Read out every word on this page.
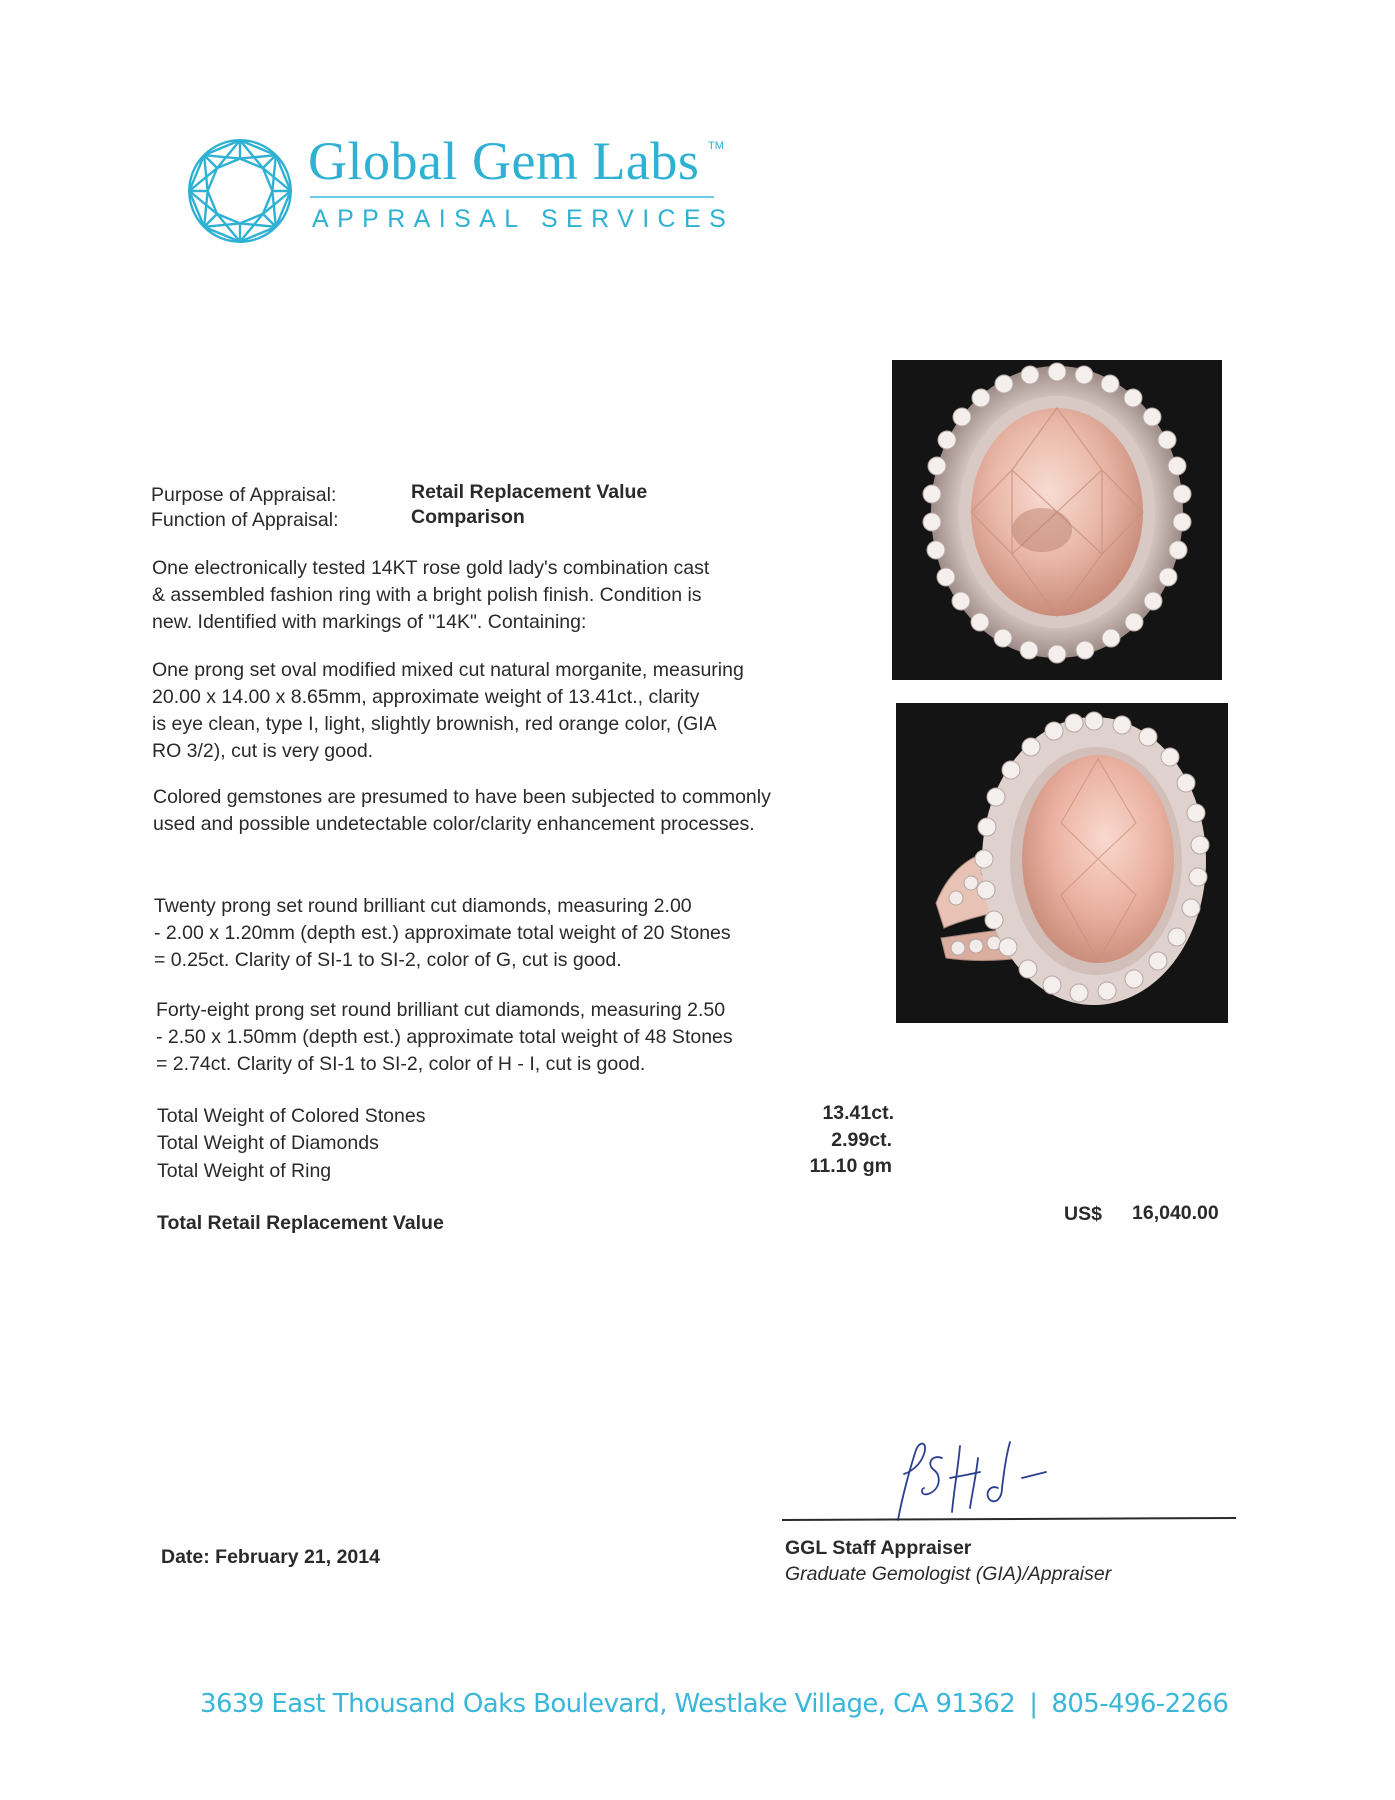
Global Gem Labs TM
APPRAISAL SERVICES
Purpose of Appraisal:	Retail Replacement Value
Function of Appraisal:	Comparison
One electronically tested 14KT rose gold lady's combination cast
& assembled fashion ring with a bright polish finish. Condition is
new. Identified with markings of "14K". Containing:
One prong set oval modified mixed cut natural morganite, measuring
20.00 x 14.00 x 8.65mm, approximate weight of 13.41ct., clarity
is eye clean, type I, light, slightly brownish, red orange color, (GIA
RO 3/2), cut is very good.
Colored gemstones are presumed to have been subjected to commonly
used and possible undetectable color/clarity enhancement processes.
Twenty prong set round brilliant cut diamonds, measuring 2.00
- 2.00 x 1.20mm (depth est.) approximate total weight of 20 Stones
= 0.25ct. Clarity of SI-1 to SI-2, color of G, cut is good.
Forty-eight prong set round brilliant cut diamonds, measuring 2.50
- 2.50 x 1.50mm (depth est.) approximate total weight of 48 Stones
= 2.74ct. Clarity of SI-1 to SI-2, color of H - I, cut is good.
Total Weight of Colored Stones	13.41ct.
Total Weight of Diamonds	2.99ct.
Total Weight of Ring	11.10 gm
Total Retail Replacement Value	US$ 16,040.00
GGL Staff Appraiser
Graduate Gemologist (GIA)/Appraiser
Date: February 21, 2014
3639 East Thousand Oaks Boulevard, Westlake Village, CA 91362 | 805-496-2266
